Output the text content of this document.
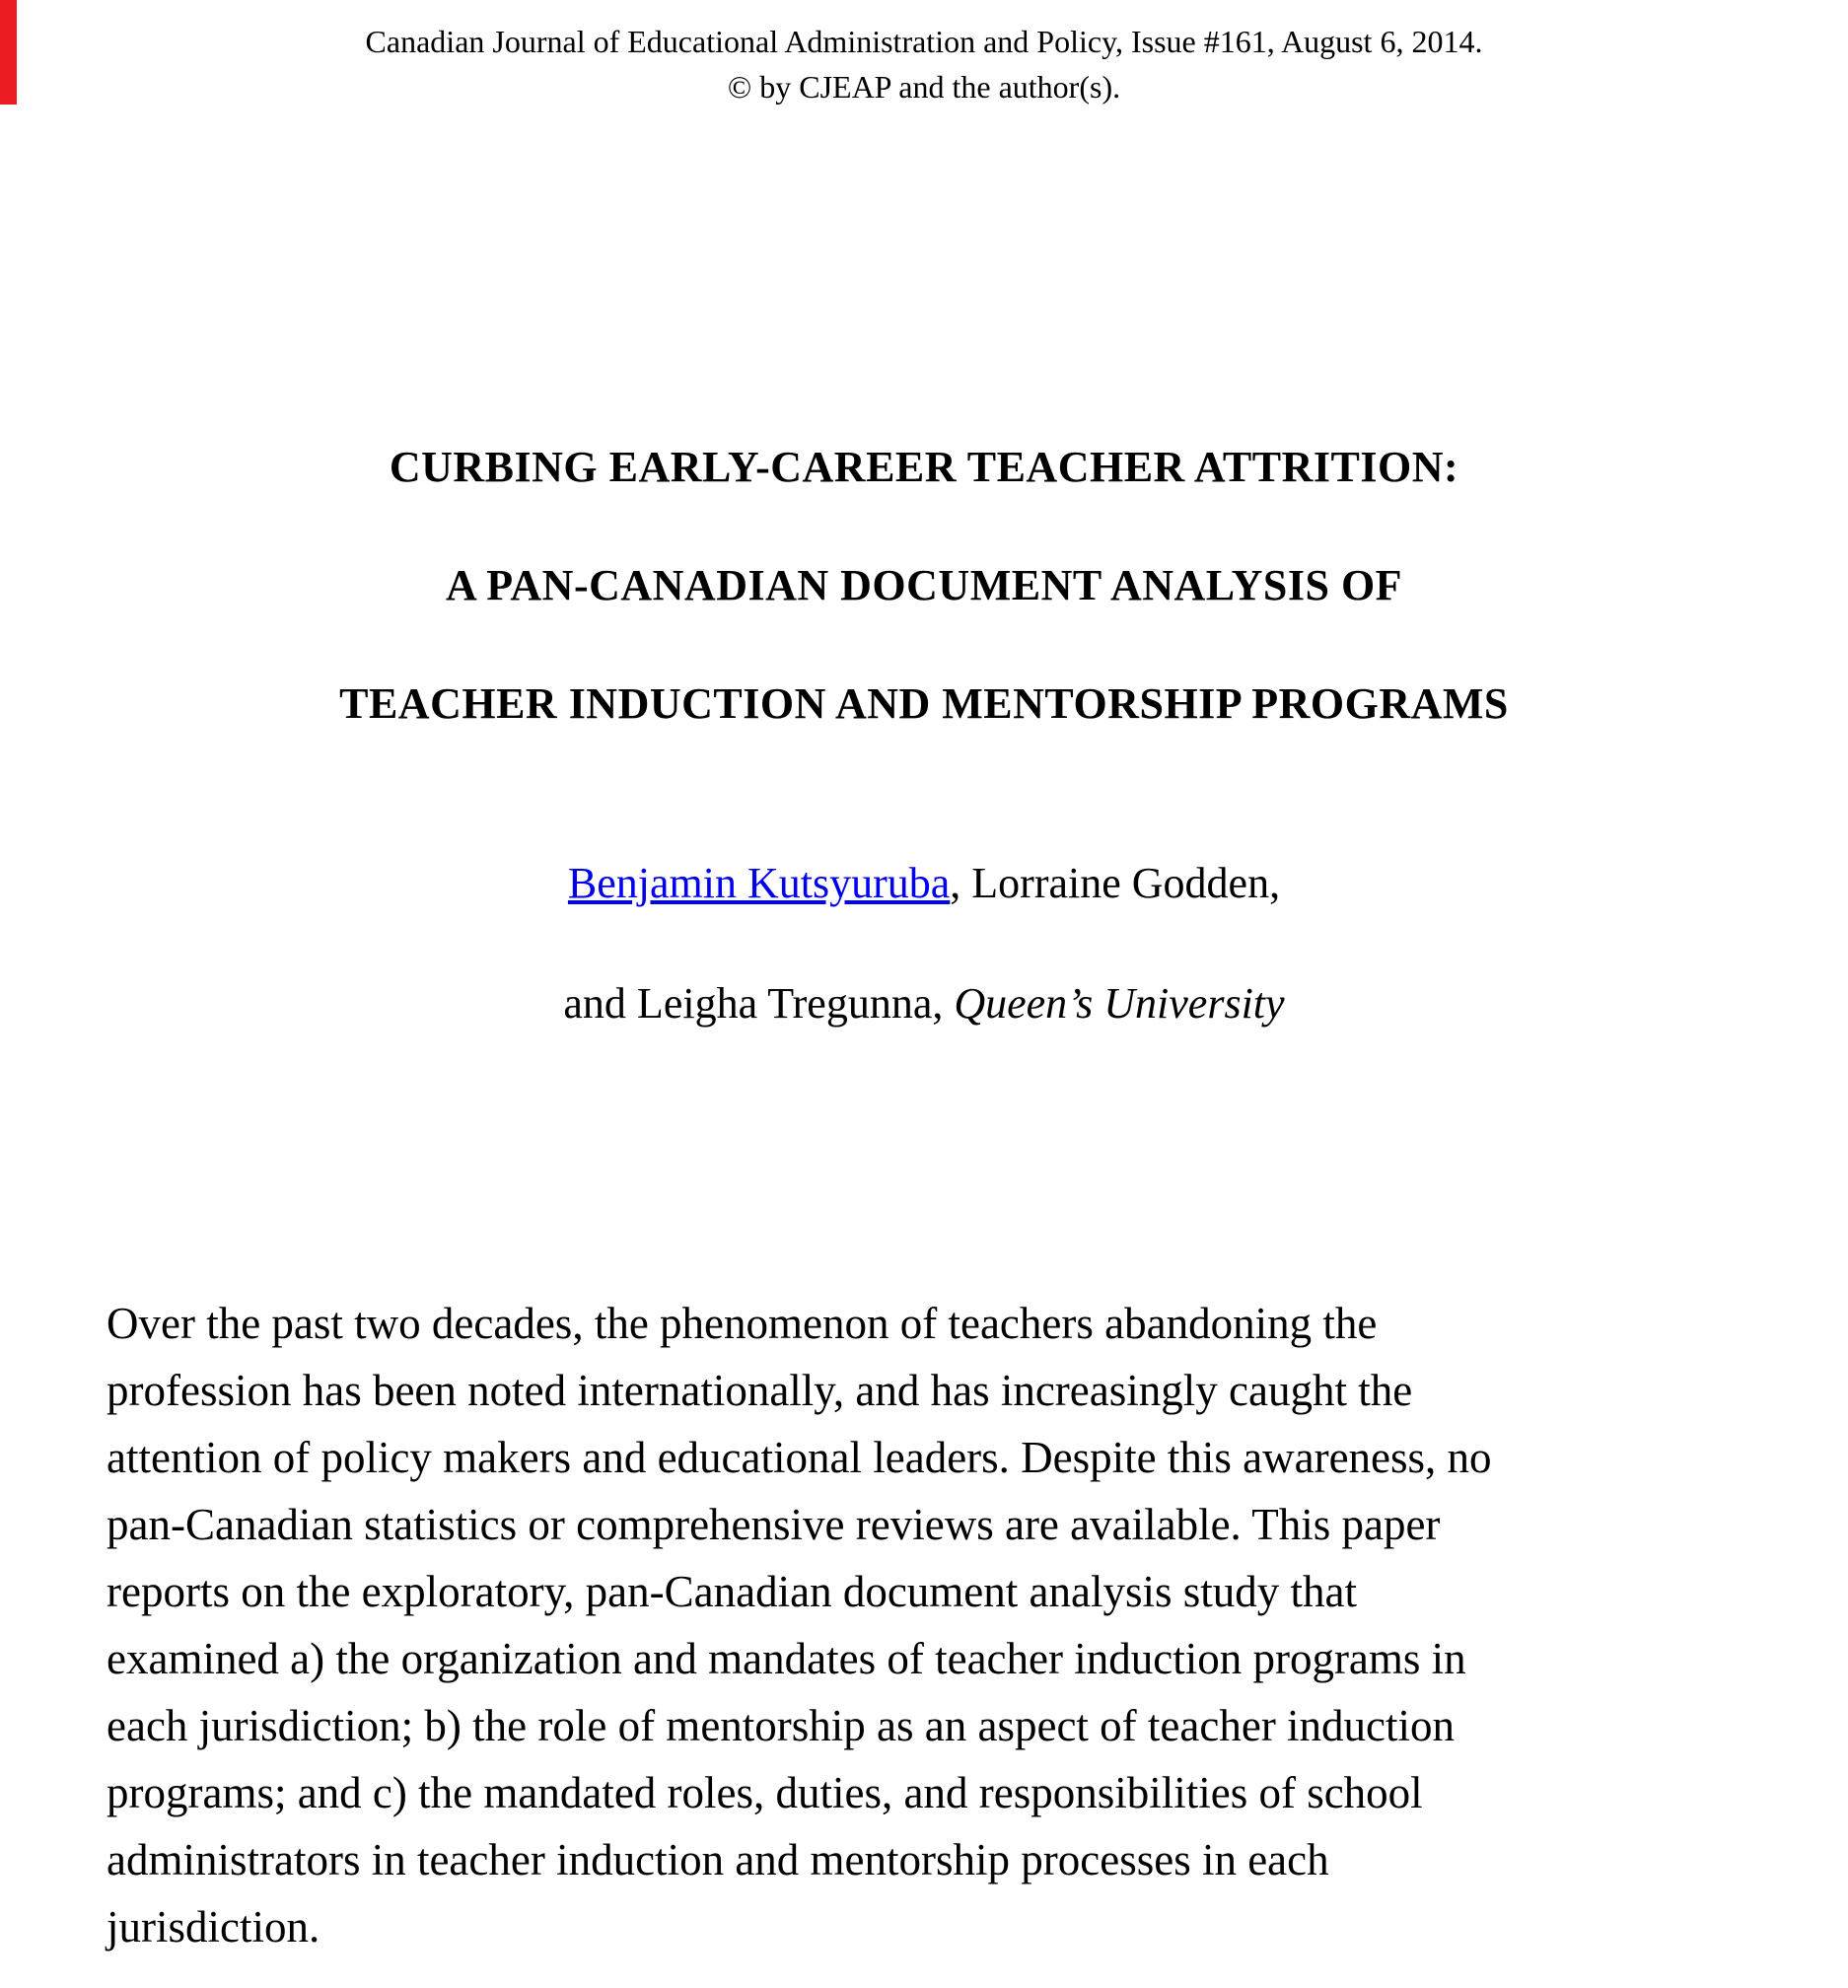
Canadian Journal of Educational Administration and Policy, Issue #161, August 6, 2014.
© by CJEAP and the author(s).
CURBING EARLY-CAREER TEACHER ATTRITION:
A PAN-CANADIAN DOCUMENT ANALYSIS OF
TEACHER INDUCTION AND MENTORSHIP PROGRAMS
Benjamin Kutsyuruba, Lorraine Godden,
and Leigha Tregunna, Queen’s University
Over the past two decades, the phenomenon of teachers abandoning the
profession has been noted internationally, and has increasingly caught the
attention of policy makers and educational leaders. Despite this awareness, no
pan-Canadian statistics or comprehensive reviews are available. This paper
reports on the exploratory, pan-Canadian document analysis study that
examined a) the organization and mandates of teacher induction programs in
each jurisdiction; b) the role of mentorship as an aspect of teacher induction
programs; and c) the mandated roles, duties, and responsibilities of school
administrators in teacher induction and mentorship processes in each
jurisdiction.
